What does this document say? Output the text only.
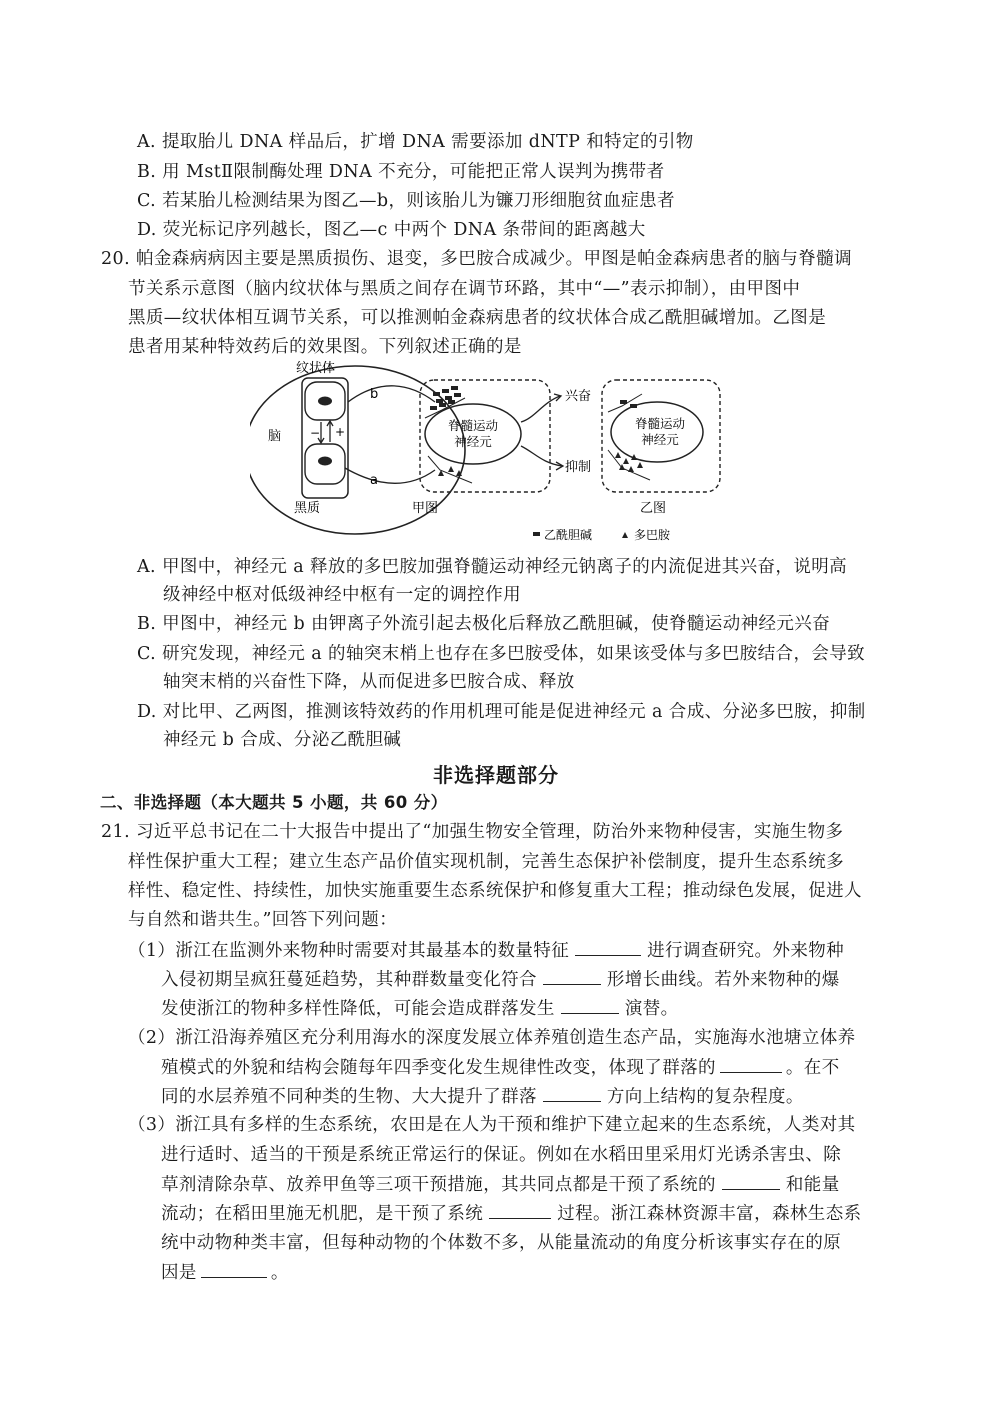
A. 提取胎儿 DNA 样品后，扩增 DNA 需要添加 dNTP 和特定的引物
B. 用 MstⅡ限制酶处理 DNA 不充分，可能把正常人误判为携带者
C. 若某胎儿检测结果为图乙—b，则该胎儿为镰刀形细胞贫血症患者
D. 荧光标记序列越长，图乙—c 中两个 DNA 条带间的距离越大
20. 帕金森病病因主要是黑质损伤、退变，多巴胺合成减少。甲图是帕金森病患者的脑与脊髓调
节关系示意图（脑内纹状体与黑质之间存在调节环路，其中“—”表示抑制），由甲图中
黑质—纹状体相互调节关系，可以推测帕金森病患者的纹状体合成乙酰胆碱增加。乙图是
患者用某种特效药后的效果图。下列叙述正确的是
− +	脊髓运动
神经元
兴奋
抑制
脊髓运动
神经元
纹状体
脑
黑质
b
a
甲图	乙图
乙酰胆碱	多巴胺
A. 甲图中，神经元 a 释放的多巴胺加强脊髓运动神经元钠离子的内流促进其兴奋，说明高
级神经中枢对低级神经中枢有一定的调控作用
B. 甲图中，神经元 b 由钾离子外流引起去极化后释放乙酰胆碱，使脊髓运动神经元兴奋
C. 研究发现，神经元 a 的轴突末梢上也存在多巴胺受体，如果该受体与多巴胺结合，会导致
轴突末梢的兴奋性下降，从而促进多巴胺合成、释放
D. 对比甲、乙两图，推测该特效药的作用机理可能是促进神经元 a 合成、分泌多巴胺，抑制
神经元 b 合成、分泌乙酰胆碱
非选择题部分
二、非选择题（本大题共 5 小题，共 60 分）
21. 习近平总书记在二十大报告中提出了“加强生物安全管理，防治外来物种侵害，实施生物多
样性保护重大工程；建立生态产品价值实现机制，完善生态保护补偿制度，提升生态系统多
样性、稳定性、持续性，加快实施重要生态系统保护和修复重大工程；推动绿色发展，促进人
与自然和谐共生。”回答下列问题：
（1）浙江在监测外来物种时需要对其最基本的数量特征	进行调查研究。外来物种
入侵初期呈疯狂蔓延趋势，其种群数量变化符合	形增长曲线。若外来物种的爆
发使浙江的物种多样性降低，可能会造成群落发生	演替。
（2）浙江沿海养殖区充分利用海水的深度发展立体养殖创造生态产品，实施海水池塘立体养
殖模式的外貌和结构会随每年四季变化发生规律性改变，体现了群落的	。在不
同的水层养殖不同种类的生物、大大提升了群落	方向上结构的复杂程度。
（3）浙江具有多样的生态系统，农田是在人为干预和维护下建立起来的生态系统，人类对其
进行适时、适当的干预是系统正常运行的保证。例如在水稻田里采用灯光诱杀害虫、除
草剂清除杂草、放养甲鱼等三项干预措施，其共同点都是干预了系统的	和能量
流动；在稻田里施无机肥，是干预了系统	过程。浙江森林资源丰富，森林生态系
统中动物种类丰富，但每种动物的个体数不多，从能量流动的角度分析该事实存在的原
因是	。
